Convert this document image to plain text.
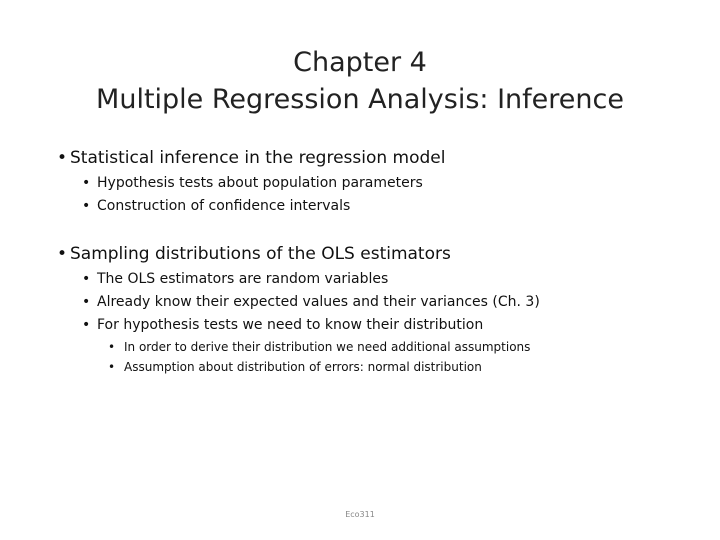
Chapter 4
Multiple Regression Analysis: Inference
• Statistical inference in the regression model
• Hypothesis tests about population parameters
• Construction of confidence intervals
• Sampling distributions of the OLS estimators
• The OLS estimators are random variables
• Already know their expected values and their variances (Ch. 3)
• For hypothesis tests we need to know their distribution
• In order to derive their distribution we need additional assumptions
• Assumption about distribution of errors: normal distribution
Eco311
